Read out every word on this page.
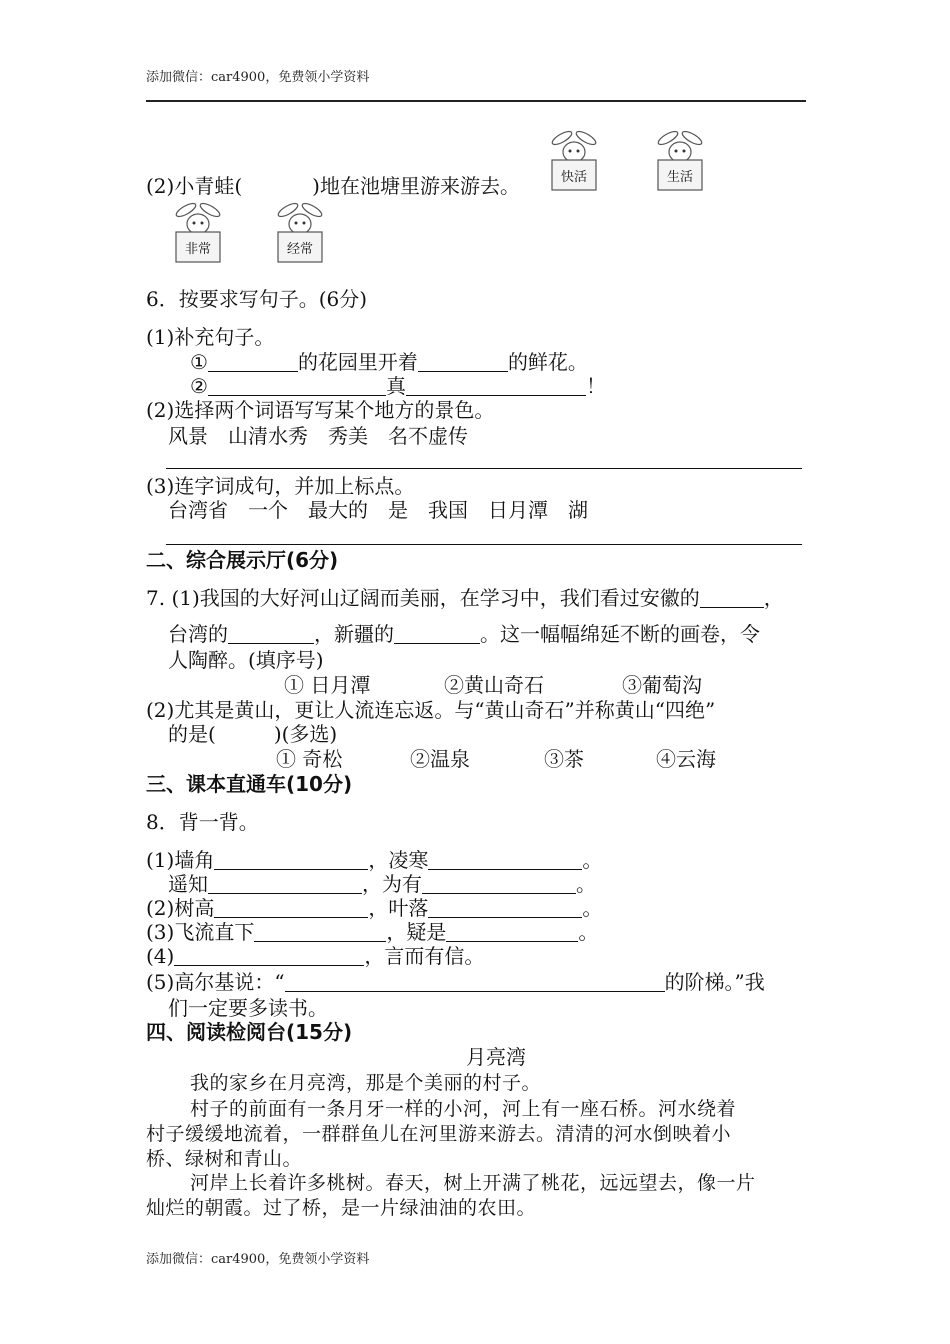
添加微信：car4900，免费领小学资料
(2)小青蛙(	)地在池塘里游来游去。	快活	生活
非常	经常
6．按要求写句子。(6分)
(1)补充句子。
①	的花园里开着	的鲜花。
②	真	！
(2)选择两个词语写写某个地方的景色。
风景　山清水秀　秀美　名不虚传
(3)连字词成句，并加上标点。
台湾省　一个　最大的　是　我国　日月潭　湖
二、综合展示厅(6分)
7. (1)我国的大好河山辽阔而美丽，在学习中，我们看过安徽的	，
台湾的	，新疆的	。这一幅幅绵延不断的画卷，令
人陶醉。(填序号)
① 日月潭	②黄山奇石	③葡萄沟
(2)尤其是黄山，更让人流连忘返。与“黄山奇石”并称黄山“四绝”
的是(	)(多选)
① 奇松	②温泉	③茶	④云海
三、课本直通车(10分)
8．背一背。
(1)墙角	，凌寒	。
遥知	，为有	。
(2)树高	，叶落	。
(3)飞流直下	，疑是	。
(4)	，言而有信。
(5)高尔基说：“	的阶梯。”我
们一定要多读书。
四、阅读检阅台(15分)
月亮湾
我的家乡在月亮湾，那是个美丽的村子。
村子的前面有一条月牙一样的小河，河上有一座石桥。河水绕着
村子缓缓地流着，一群群鱼儿在河里游来游去。清清的河水倒映着小
桥、绿树和青山。
河岸上长着许多桃树。春天，树上开满了桃花，远远望去，像一片
灿烂的朝霞。过了桥，是一片绿油油的农田。
添加微信：car4900，免费领小学资料
